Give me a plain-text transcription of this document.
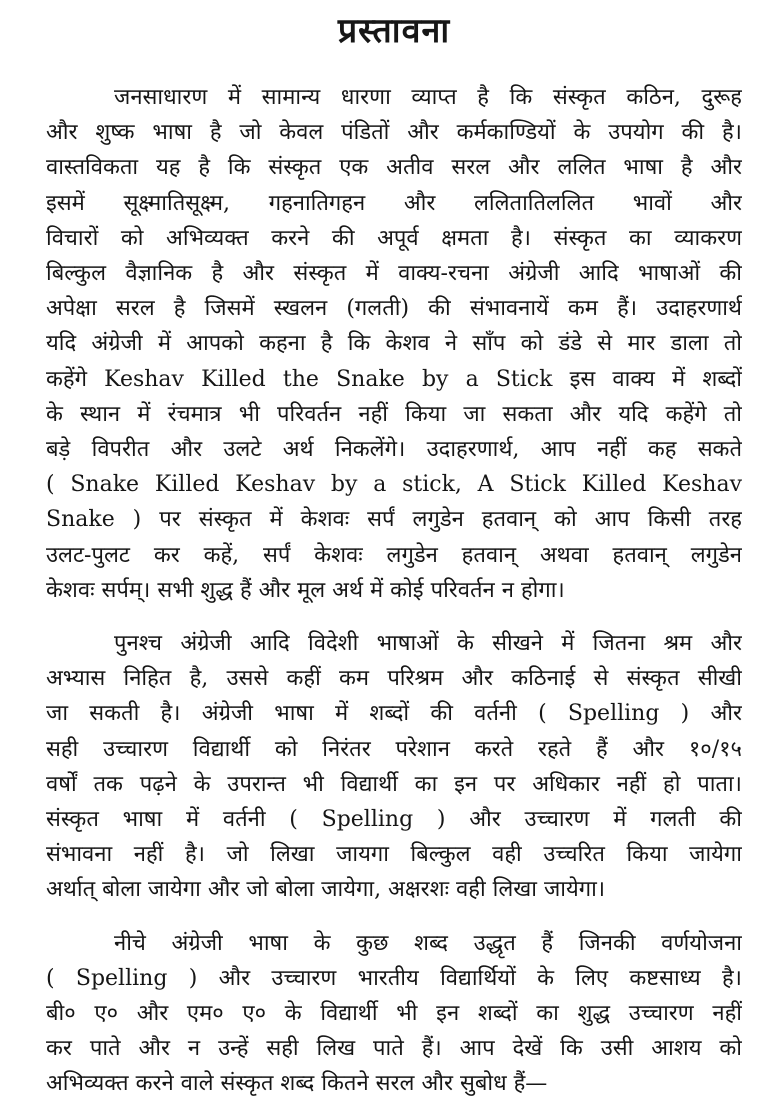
प्रस्तावना

जनसाधारण में सामान्य धारणा व्याप्त है कि संस्कृत कठिन, दुरूह
और शुष्क भाषा है जो केवल पंडितों और कर्मकाण्डियों के उपयोग की है।
वास्तविकता यह है कि संस्कृत एक अतीव सरल और ललित भाषा है और
इसमें सूक्ष्मातिसूक्ष्म, गहनातिगहन और ललितातिललित भावों और
विचारों को अभिव्यक्त करने की अपूर्व क्षमता है। संस्कृत का व्याकरण
बिल्कुल वैज्ञानिक है और संस्कृत में वाक्य-रचना अंग्रेजी आदि भाषाओं की
अपेक्षा सरल है जिसमें स्खलन (गलती) की संभावनायें कम हैं। उदाहरणार्थ
यदि अंग्रेजी में आपको कहना है कि केशव ने साँप को डंडे से मार डाला तो
कहेंगे Keshav Killed the Snake by a Stick इस वाक्य में शब्दों
के स्थान में रंचमात्र भी परिवर्तन नहीं किया जा सकता और यदि कहेंगे तो
बड़े विपरीत और उलटे अर्थ निकलेंगे। उदाहरणार्थ, आप नहीं कह सकते
( Snake Killed Keshav by a stick, A Stick Killed Keshav
Snake ) पर संस्कृत में केशवः सर्पं लगुडेन हतवान् को आप किसी तरह
उलट-पुलट कर कहें, सर्पं केशवः लगुडेन हतवान् अथवा हतवान् लगुडेन
केशवः सर्पम्। सभी शुद्ध हैं और मूल अर्थ में कोई परिवर्तन न होगा।

पुनश्च अंग्रेजी आदि विदेशी भाषाओं के सीखने में जितना श्रम और
अभ्यास निहित है, उससे कहीं कम परिश्रम और कठिनाई से संस्कृत सीखी
जा सकती है। अंग्रेजी भाषा में शब्दों की वर्तनी ( Spelling ) और
सही उच्चारण विद्यार्थी को निरंतर परेशान करते रहते हैं और १०/१५
वर्षों तक पढ़ने के उपरान्त भी विद्यार्थी का इन पर अधिकार नहीं हो पाता।
संस्कृत भाषा में वर्तनी ( Spelling ) और उच्चारण में गलती की
संभावना नहीं है। जो लिखा जायगा बिल्कुल वही उच्चरित किया जायेगा
अर्थात् बोला जायेगा और जो बोला जायेगा, अक्षरशः वही लिखा जायेगा।

नीचे अंग्रेजी भाषा के कुछ शब्द उद्धृत हैं जिनकी वर्णयोजना
( Spelling ) और उच्चारण भारतीय विद्यार्थियों के लिए कष्टसाध्य है।
बी० ए० और एम० ए० के विद्यार्थी भी इन शब्दों का शुद्ध उच्चारण नहीं
कर पाते और न उन्हें सही लिख पाते हैं। आप देखें कि उसी आशय को
अभिव्यक्त करने वाले संस्कृत शब्द कितने सरल और सुबोध हैं—
